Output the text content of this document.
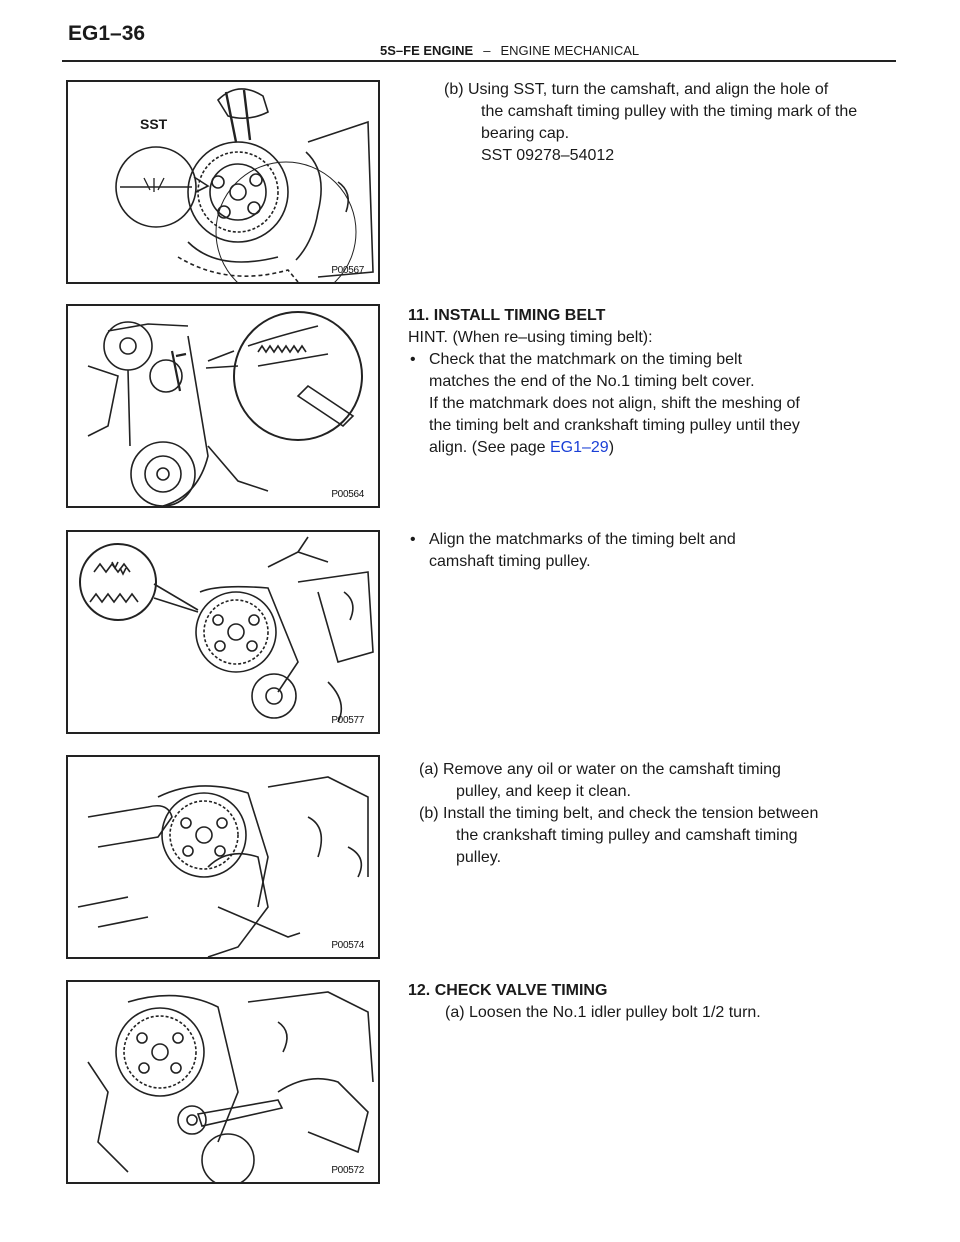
EG1–36
5S–FE ENGINE – ENGINE MECHANICAL
SST
P00567
(b) Using SST, turn the camshaft, and align the hole of
the camshaft timing pulley with the timing mark of the
bearing cap.
SST 09278–54012
P00564
11. INSTALL TIMING BELT
HINT. (When re–using timing belt):
• Check that the matchmark on the timing belt
matches the end of the No.1 timing belt cover.
If the matchmark does not align, shift the meshing of
the timing belt and crankshaft timing pulley until they
align. (See page EG1–29)
P00577
• Align the matchmarks of the timing belt and
camshaft timing pulley.
P00574
(a) Remove any oil or water on the camshaft timing
pulley, and keep it clean.
(b) Install the timing belt, and check the tension between
the crankshaft timing pulley and camshaft timing
pulley.
P00572
12. CHECK VALVE TIMING
(a) Loosen the No.1 idler pulley bolt 1/2 turn.
